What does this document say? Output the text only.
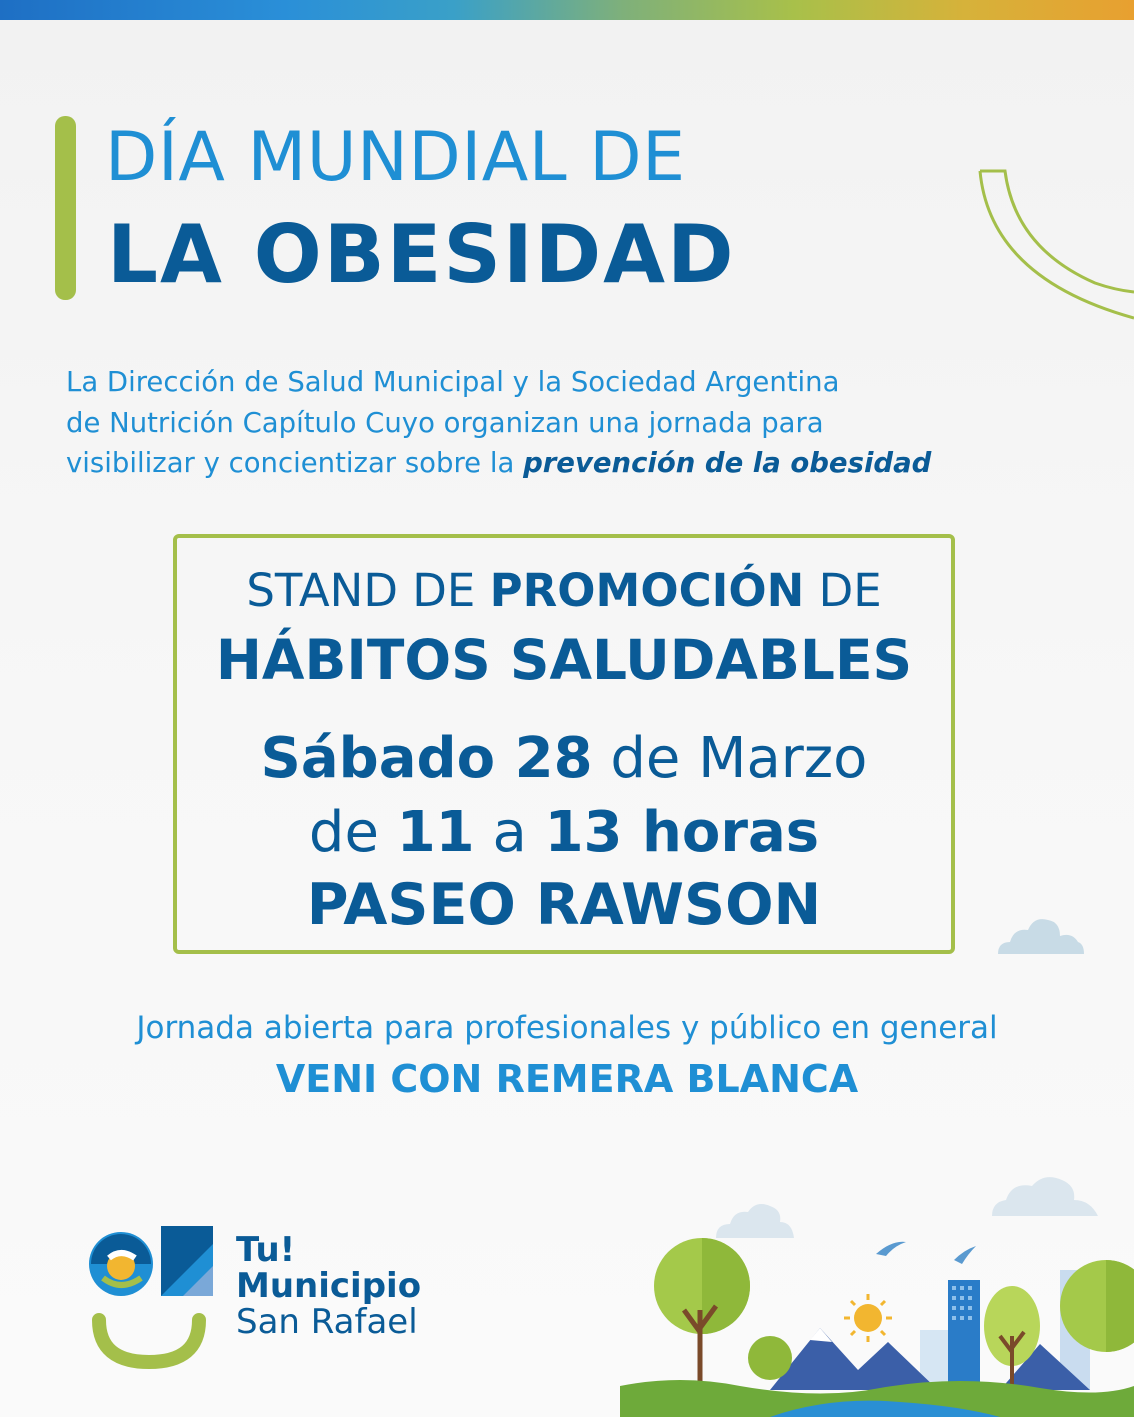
DÍA MUNDIAL DE
LA OBESIDAD

La Dirección de Salud Municipal y la Sociedad Argentina

de Nutrición Capítulo Cuyo organizan una jornada para

visibilizar y concientizar sobre la prevención de la obesidad

STAND DE PROMOCIÓN DE
HÁBITOS SALUDABLES
Sábado 28 de Marzo
de 11 a 13 horas
PASEO RAWSON
Jornada abierta para profesionales y público en general
VENI CON REMERA BLANCA
Tu!
Municipio
San Rafael
